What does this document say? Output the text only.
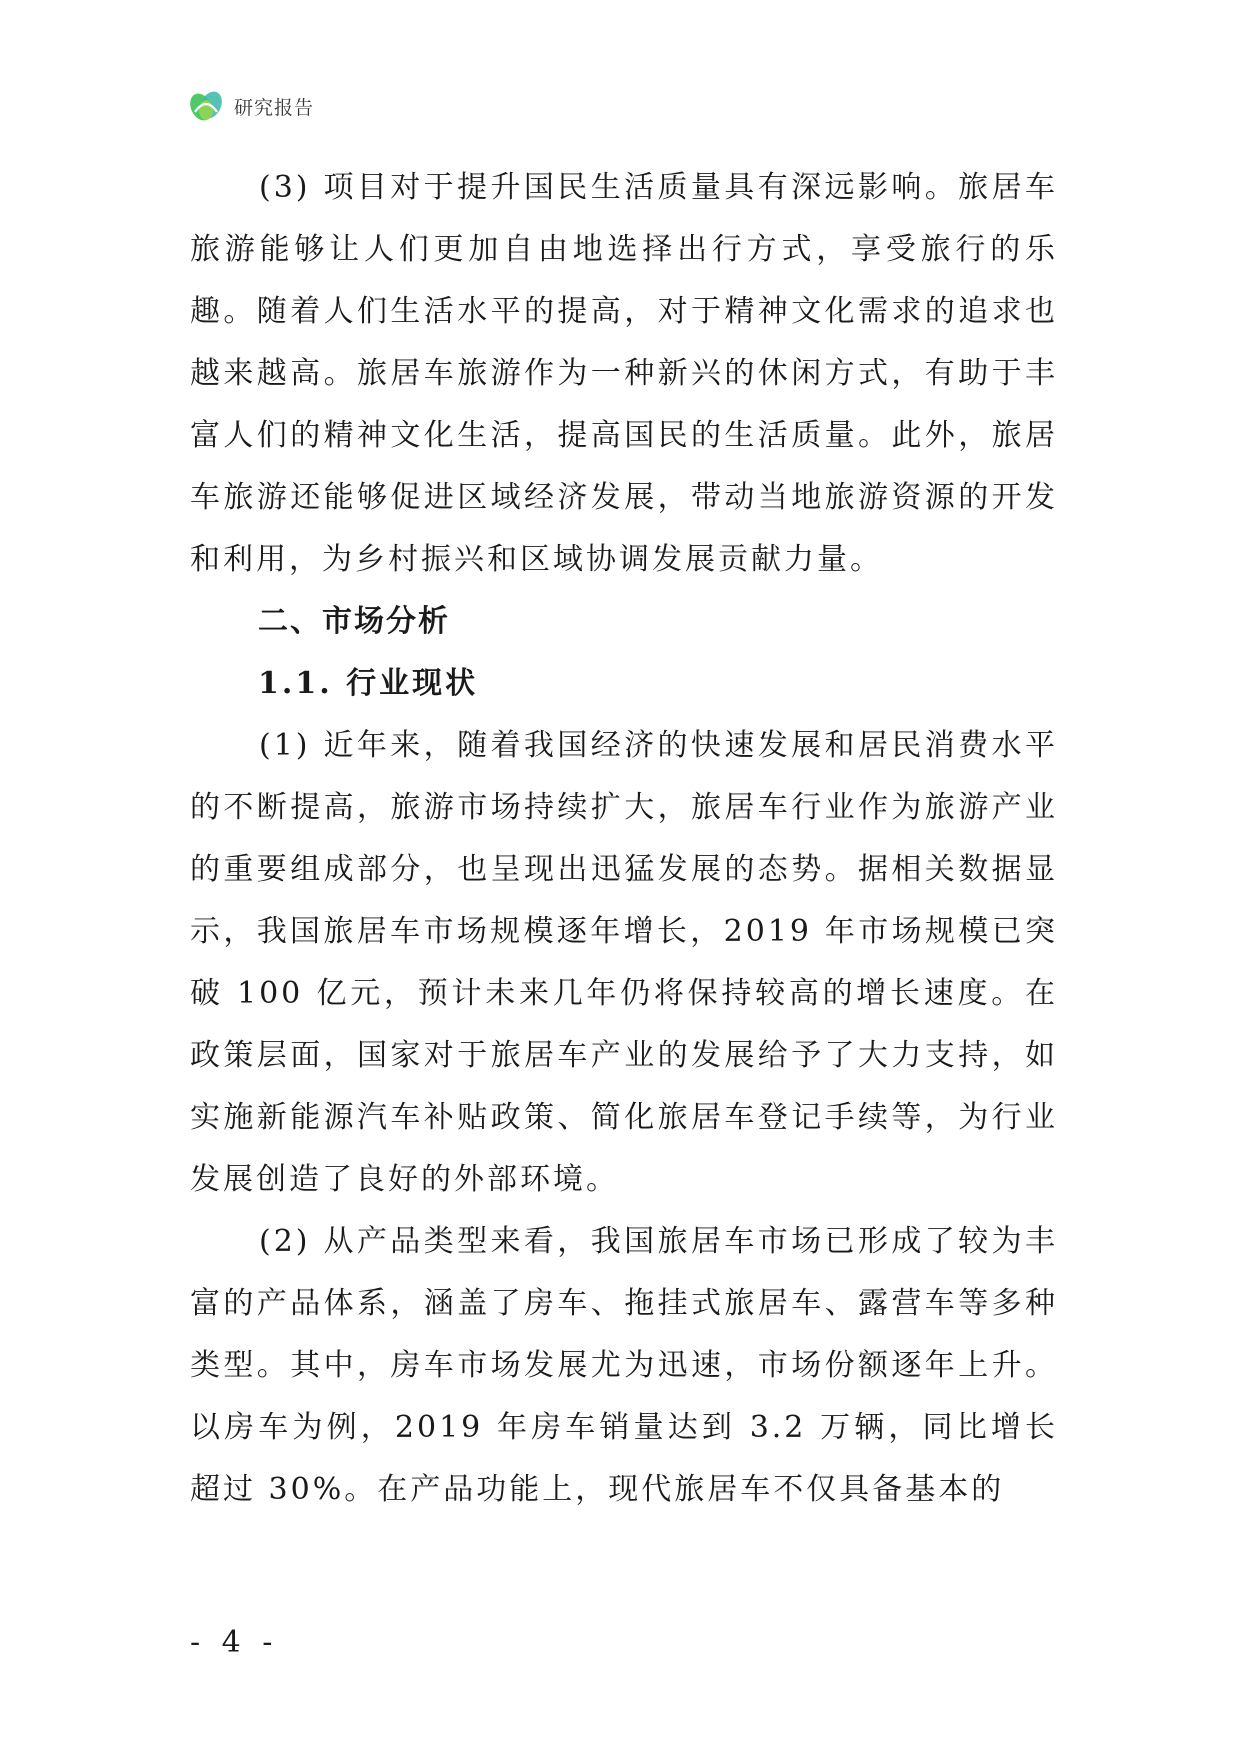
研究报告

(3) 项目对于提升国民生活质量具有深远影响。旅居车旅游能够让人们更加自由地选择出行方式，享受旅行的乐趣。随着人们生活水平的提高，对于精神文化需求的追求也越来越高。旅居车旅游作为一种新兴的休闲方式，有助于丰富人们的精神文化生活，提高国民的生活质量。此外，旅居车旅游还能够促进区域经济发展，带动当地旅游资源的开发和利用，为乡村振兴和区域协调发展贡献力量。

二、市场分析
1.1. 行业现状

(1) 近年来，随着我国经济的快速发展和居民消费水平的不断提高，旅游市场持续扩大，旅居车行业作为旅游产业的重要组成部分，也呈现出迅猛发展的态势。据相关数据显示，我国旅居车市场规模逐年增长，2019 年市场规模已突破 100 亿元，预计未来几年仍将保持较高的增长速度。在政策层面，国家对于旅居车产业的发展给予了大力支持，如实施新能源汽车补贴政策、简化旅居车登记手续等，为行业发展创造了良好的外部环境。

(2) 从产品类型来看，我国旅居车市场已形成了较为丰富的产品体系，涵盖了房车、拖挂式旅居车、露营车等多种类型。其中，房车市场发展尤为迅速，市场份额逐年上升。以房车为例，2019 年房车销量达到 3.2 万辆，同比增长超过 30%。在产品功能上，现代旅居车不仅具备基本的

- 4 -
